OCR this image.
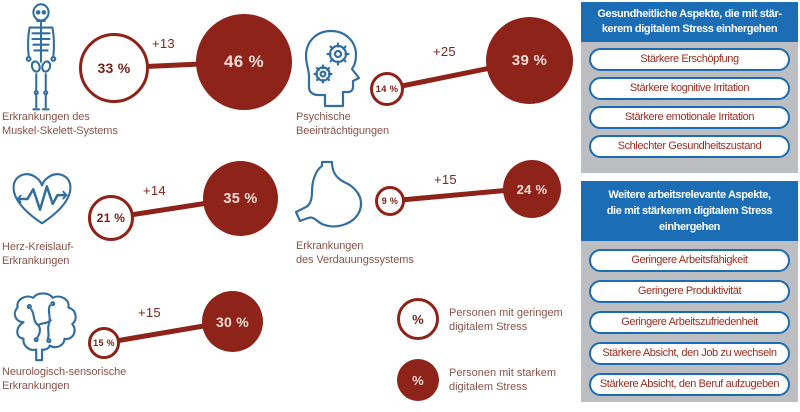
33 %	46 %
+13
Erkrankungen des
Muskel-Skelett-Systems
14 %
39 %
+25
Psychische
Beeinträchtigungen
21 %
35 %
+14
Herz-Kreislauf-
Erkrankungen
9 %
24 %
+15
Erkrankungen
des Verdauungssystems
15 %
30 %
+15
Neurologisch-sensorische
Erkrankungen
%	Personen mit geringem
digitalem Stress
%	Personen mit starkem
digitalem Stress
Gesundheitliche Aspekte, die mit stär-
kerem digitalem Stress einhergehen
Stärkere Erschöpfung
Stärkere kognitive Irritation
Stärkere emotionale Irritation
Schlechter Gesundheitszustand
Weitere arbeitsrelevante Aspekte,
die mit stärkerem digitalem Stress
einhergehen
Geringere Arbeitsfähigkeit
Geringere Produktivität
Geringere Arbeitszufriedenheit
Stärkere Absicht, den Job zu wechseln
Stärkere Absicht, den Beruf aufzugeben
